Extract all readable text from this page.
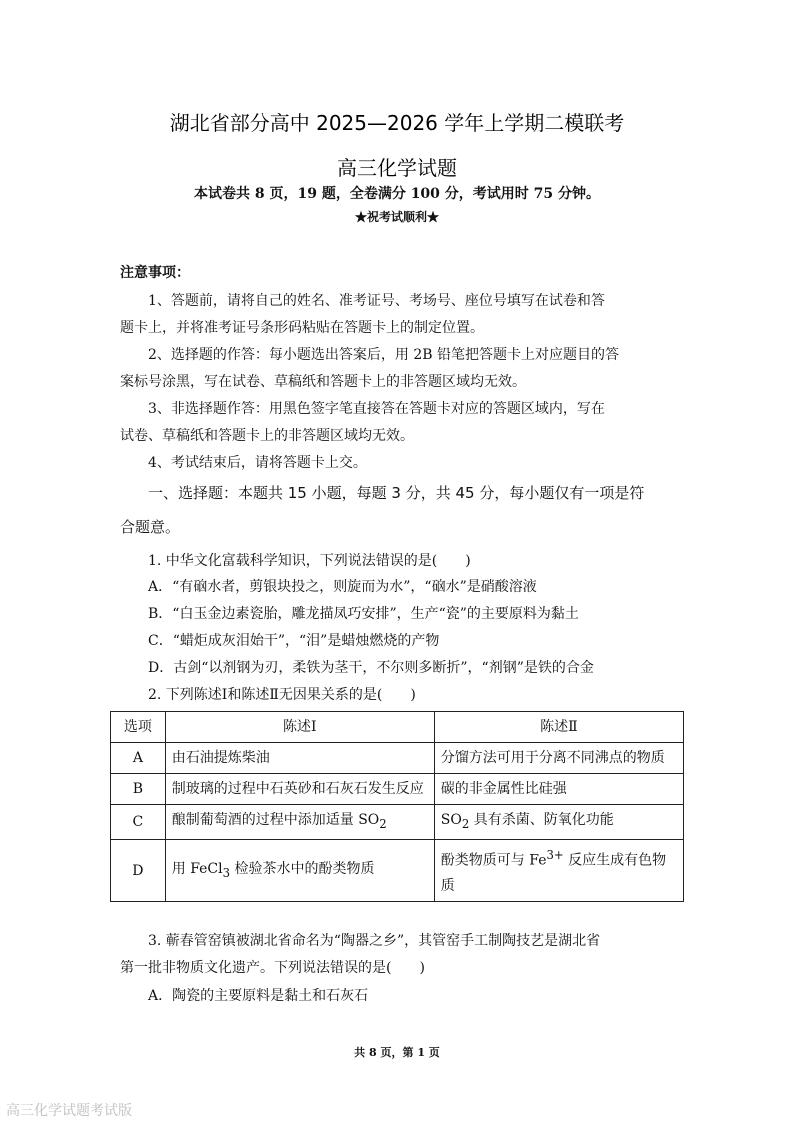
湖北省部分高中 2025—2026 学年上学期二模联考
高三化学试题
本试卷共 8 页，19 题，全卷满分 100 分，考试用时 75 分钟。
★祝考试顺利★
注意事项：
1、答题前，请将自己的姓名、准考证号、考场号、座位号填写在试卷和答
题卡上，并将准考证号条形码粘贴在答题卡上的制定位置。
2、选择题的作答：每小题选出答案后，用 2B 铅笔把答题卡上对应题目的答
案标号涂黑，写在试卷、草稿纸和答题卡上的非答题区域均无效。
3、非选择题作答：用黑色签字笔直接答在答题卡对应的答题区域内，写在
试卷、草稿纸和答题卡上的非答题区域均无效。
4、考试结束后，请将答题卡上交。
一、选择题：本题共 15 小题，每题 3 分，共 45 分，每小题仅有一项是符
合题意。
1. 中华文化富载科学知识，下列说法错误的是(　　)
A．“有硇水者，剪银块投之，则旋而为水”，“硇水”是硝酸溶液
B．“白玉金边素瓷胎，雕龙描凤巧安排”，生产“瓷”的主要原料为黏土
C．“蜡炬成灰泪始干”，“泪”是蜡烛燃烧的产物
D．古剑“以剂钢为刃，柔铁为茎干，不尔则多断折”，“剂钢”是铁的合金
2. 下列陈述Ⅰ和陈述Ⅱ无因果关系的是(　　)
选项	陈述Ⅰ	陈述Ⅱ
A	由石油提炼柴油	分馏方法可用于分离不同沸点的物质
B	制玻璃的过程中石英砂和石灰石发生反应	碳的非金属性比硅强
C	酿制葡萄酒的过程中添加适量 $SO_2$	$SO_2$ 具有杀菌、防氧化功能
D	用 FeCl$_3$ 检验茶水中的酚类物质	酚类物质可与 $Fe^{3+}$ 反应生成有色物质
3. 蕲春管窑镇被湖北省命名为“陶器之乡”，其管窑手工制陶技艺是湖北省
第一批非物质文化遗产。下列说法错误的是(　　)
A．陶瓷的主要原料是黏土和石灰石
共 8 页，第 1 页
高三化学试题考试版
